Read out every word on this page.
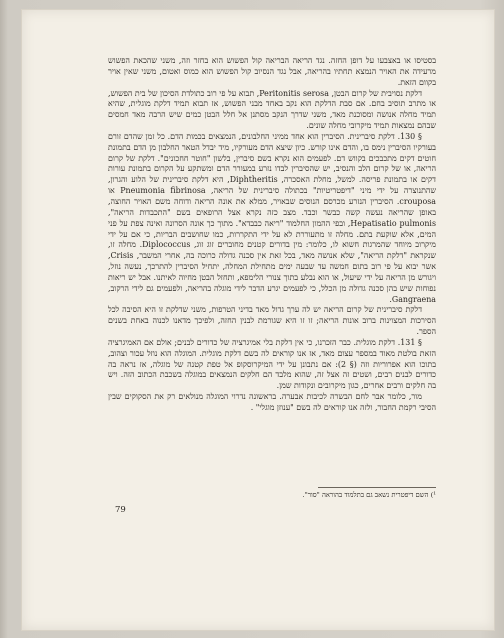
בסטיסו או באצבעו על דופן החזה. נגד הריאה הבריאה קול הפשוש הוא בחזר וזה, משני שהכאת הפשוש מרעידה את האויר הנמצא תחתיו בהריאה, אבל נגד הנסיוב קול הפשוש הוא כמוס ואטום, משני שאין אויר בקוום הזאת.

דלקת נסויבית של קרום הבטן, Peritonitis serosa, תבוא על פי רוב כתולדת הסיכון של בית הפשוש, או מתרב תוסיב בחם. אם סבת הדלקת הוא נקב באחד מבני הפשוש, אז תבוא תמיד דלקת מוגלית, שהיא תמיד מחלה אנושה ומסוכנת מאד, משני שדרך הנקב מסתנן אל חלל הבטן כמים שיש הרבה מאד חמסים שבהם נמצאות תמיד מיקרובי מחלה שונים.

§ 130. דלקת סיברינית. הסיברין הוא אחד ממיני החלבונים, הנמצאים בכמות הדם. כל זמן שהדם זורם בעורקיו הסיברין נימס בו, והדם אינו קורש. כיון שיצא הדם מעורקיו, מיד יבדל הטאר החלבון מן הדם בתמונת חוטים דקים מתכבכים בקווש דם. לפעמים הוא נקרא בשם סיברין, בלשון "חוטר חחכונים". דלקת של קרום הריאה, או של קרום הלב והנסיב, יש שהסיברין לבדו נזרע במעורר הדם ומשתקע על הקרום בתמונת עורות דקים או בתמונת פריסה. למשל, מחלת האסכרה, Diphtheritis, היא דלקת סיברינית של הלוע והגרון, שהתנוצרה על ידי מיני "דיפטריטיות" בכתולה סיברינית של הריאה, Pneumonia fibrinosa או crouposa. הסיברין הנזרע מכרסם הנוסים שבאויר, ממלא את אונה הריאה ודוחה משם האויר החוצה, באופן שהריאה נעשה קשה כבשר וכבד. מצב כזה נקרא אצל הרופאים בשם "התכבדות הריאה", Hepatisatio pulmonis, ובפי ההמון החלמוד "ריאה כבבדא". מתוך כך אונה הסרונה ואינה צפת על פני המים, אלא שוקעת בתם. מחלה זו מתעוררת לא על ידי התקררות, כמו שחושבים הבריות, כי אם על ידי מיקרוב מיוחד שהמרגות חשוא לו, כלומר: מין בדורים קטנים מחוברים זוג זוג, Diplococcus. מחלה זו, שנקראת "דלקת הריאה", שלא אנושה מאד, בכל זאת אין סכנה גדולה כרוכה בה, אחרי המשבר, Crisis, אשר יבוא על פי רוב בתום חמשה עד שבעה ימים מתחילת המחלה, יתחיל הסיברין להתרכך, נעשה נוזל, ויגורש מן הריאה על ידי שיעול, או הוא נבלע בתוך צנורי הלימפא, ותחזל הבטן מחיוה לאיתנו. אבל יש ריאות נפוחות שיש בהן סכנה גדולה מן הכלל, כי לפעמים יגרע הדבר לידי מוגלה בהריאה, ולפעמים גם לידי הרקוב, Gangraena.

דלקת סיברינית של קרום הריאה יש לה ערך גדול מאד בדיני הטרפות, משני שדלקת זו היא הסיבה לכל הסירכות המצוינות ברוב אונות הריאה; זו זו היא שגורמת לבנין החזה, ולפיכך מדאנו לכנוה באחת בשנים הספר.

§ 131. דלקת מוגלית. כבר הזכרנו, כי אין דלקת בלי אמיגרציה של כדורים לבנים; אולם אם האמיגרציה הזאת בולטת מאוד במספר עצום מאד, אז אנו קוראים לה בשם דלקת מוגלית. המוגלה הוא נוזל עכור וצהוב, בתוכו הוא אפרוריות וזה (§ 2): אם נתבונן על ידי המיקרוסקופ אל טפת קטנה של מוגלה, אז נראה בה כדורים לבנים רבים, ושטים זה אצל זה, שהוא מלבד הם חלקים הנמצאים במוגלה בשכבת הכתוב הזה. ויש בה חלקים ורבים אחרים, כגון מיקרובים ונקודות שמן.

מור, כלומר אבר לחם הבשרה לכיבות אבערה. בראשונה נדרוי המוגלה מנולאים רק את הסקוקים שבין הסיבי רקמת החבור, ולזה אנו קוראים לה בשם "ענוזן מוגלי" .

¹) השם דיפטרית נשאב גם בתלמוד בהוראה "סור".
79
